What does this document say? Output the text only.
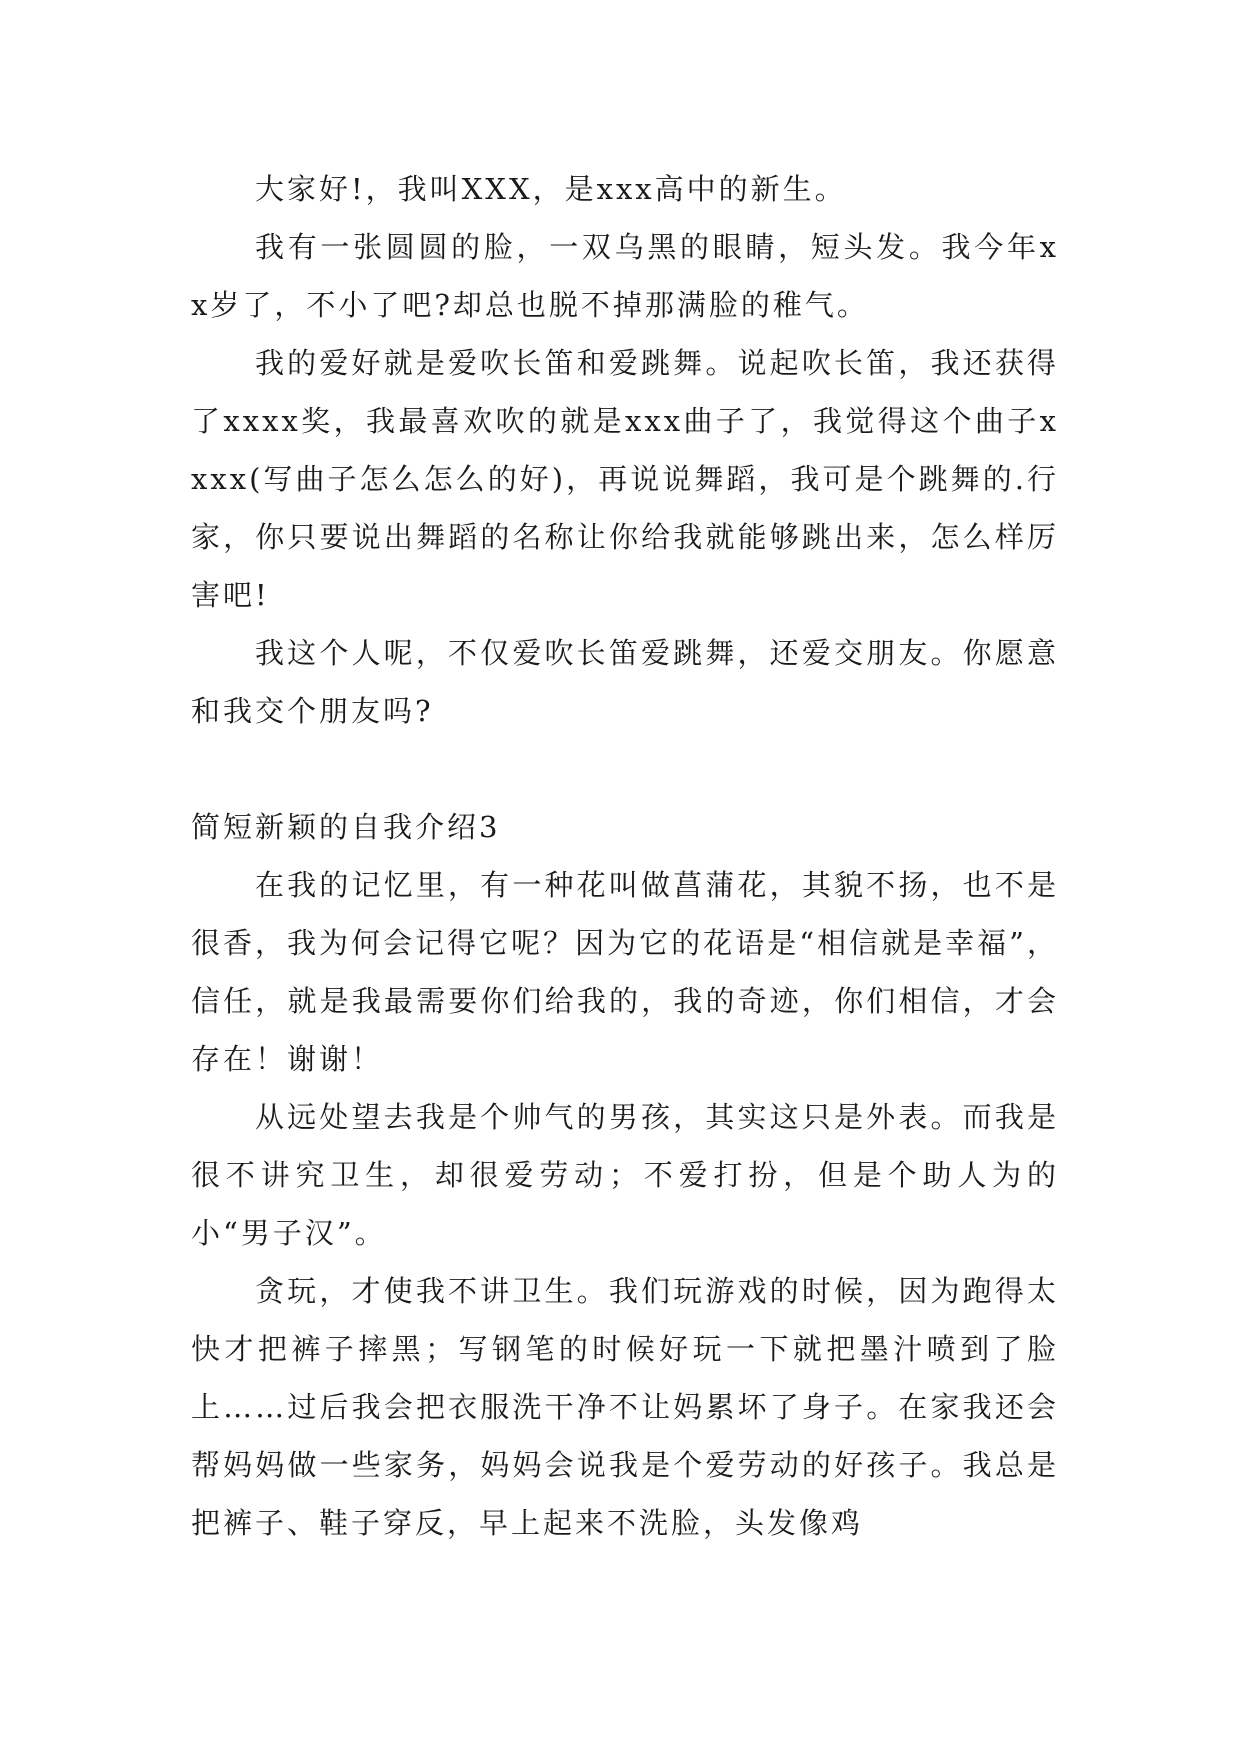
大家好!，我叫XXX，是xxx高中的新生。

我有一张圆圆的脸，一双乌黑的眼睛，短头发。我今年xx岁了，不小了吧?却总也脱不掉那满脸的稚气。

我的爱好就是爱吹长笛和爱跳舞。说起吹长笛，我还获得了xxxx奖，我最喜欢吹的就是xxx曲子了，我觉得这个曲子xxxx(写曲子怎么怎么的好)，再说说舞蹈，我可是个跳舞的.行家，你只要说出舞蹈的名称让你给我就能够跳出来，怎么样厉害吧!

我这个人呢，不仅爱吹长笛爱跳舞，还爱交朋友。你愿意和我交个朋友吗?

简短新颖的自我介绍3

在我的记忆里，有一种花叫做菖蒲花，其貌不扬，也不是很香，我为何会记得它呢？因为它的花语是“相信就是幸福”，信任，就是我最需要你们给我的，我的奇迹，你们相信，才会存在！谢谢！

从远处望去我是个帅气的男孩，其实这只是外表。而我是很不讲究卫生，却很爱劳动；不爱打扮，但是个助人为的小“男子汉”。

贪玩，才使我不讲卫生。我们玩游戏的时候，因为跑得太快才把裤子摔黑；写钢笔的时候好玩一下就把墨汁喷到了脸上……过后我会把衣服洗干净不让妈累坏了身子。在家我还会帮妈妈做一些家务，妈妈会说我是个爱劳动的好孩子。我总是把裤子、鞋子穿反，早上起来不洗脸，头发像鸡
